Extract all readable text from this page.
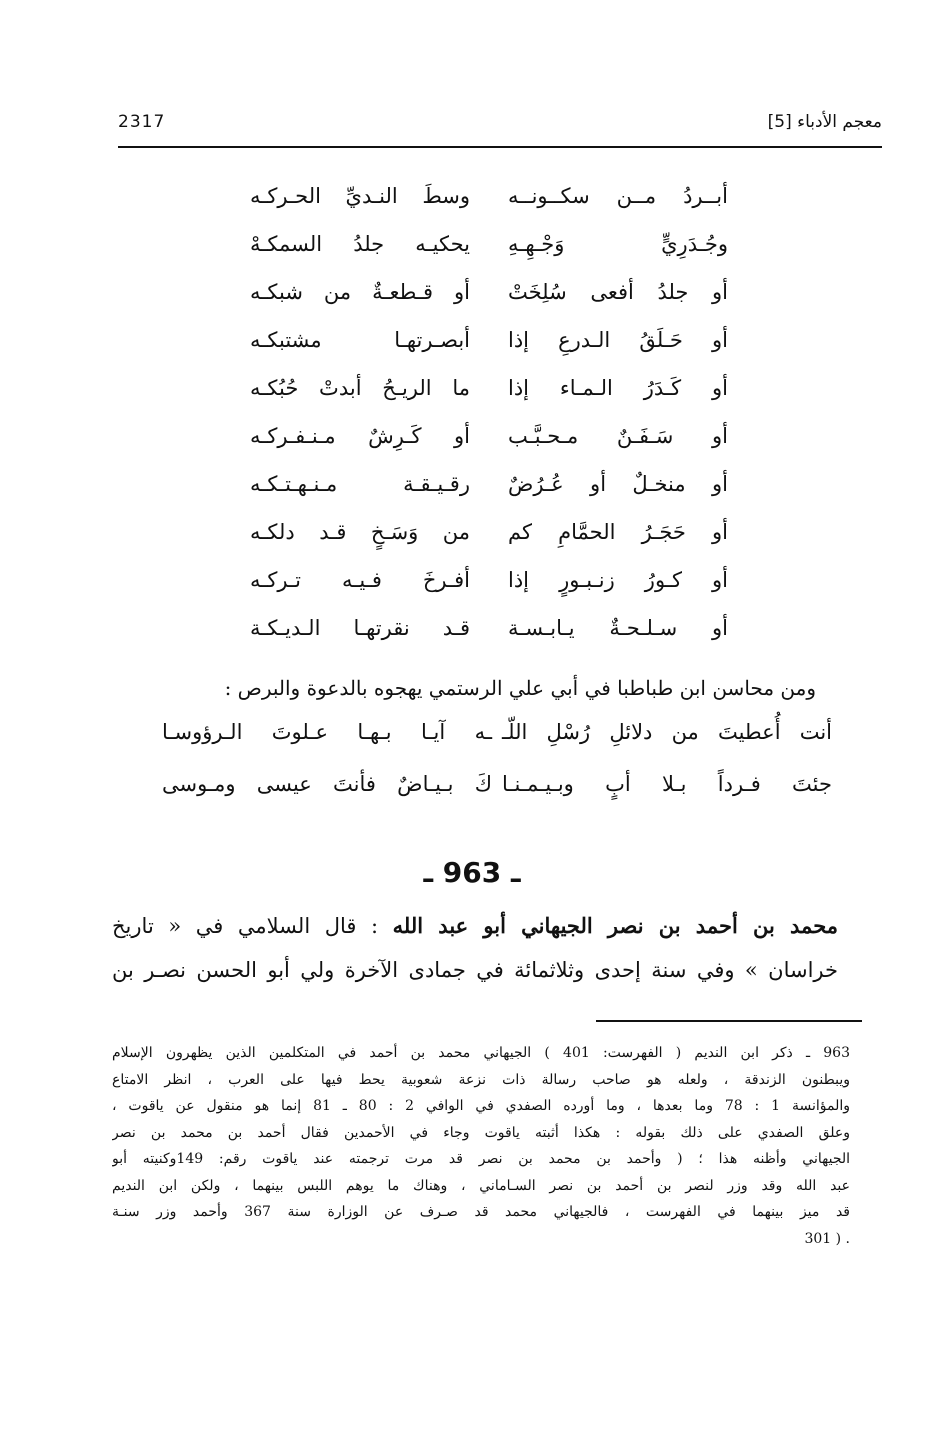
2317	معجم الأدباء [5]
أبــردُ مــن سكــونــه
وسطَ النـديِّ الحـركـه
وجُـدَرِيٍّ وَجْـهِـهِ
يحكيـه جلدُ السمكـهْ
أو جلدُ أفعى سُلِخَتْ
أو قـطعـةٌ من شبكـه
أو حَـلَقُ الـدرعِ إذا
أبصـرتهـا مشتبكـه
أو كَـدَرُ الـمـاء إذا
ما الريـحُ أبدتْ حُبُكـه
أو سَـفَـنٌ مـحـبَّـب
أو كَـرِشٌ مـنـفـركـه
أو منخـلٌ أو عُـرُضٌ
رقـيـقـة مـنـهـتـكـه
أو حَجَـرُ الحمَّامِ كم
من وَسَـخٍ قـد دلكـه
أو كـورُ زنـبـورٍ إذا
أفـرخَ فـيـه تـركـه
أو سـلـحـةٌ يـابـسـة
قـد نقرتهـا الـديـكـة
ومن محاسن ابن طباطبا في أبي علي الرستمي يهجوه بالدعوة والبرص :
أنت أُعطيتَ من دلائلِ رُسْلِ اللّــه آيـا بـهـا عـلوتَ الـرؤوسـا
جئتَ فـرداً بـلا أبٍ وبـيـمـنـاكَ بـيـاضٌ فأنتَ عيسى ومـوسى
ـ 963 ـ
محمد بن أحمد بن نصر الجيهاني أبو عبد الله : قال السلامي في « تاريخ
خراسان » وفي سنة إحدى وثلاثمائة في جمادى الآخرة ولي أبو الحسن نصـر بن
963 ـ ذكر ابن النديم ( الفهرست: 401 ) الجيهاني محمد بن أحمد في المتكلمين الذين يظهرون الإسلام
ويبطنون الزندقة ، ولعله هو صاحب رسالة ذات نزعة شعوبية يحط فيها على العرب ، انظر الامتاع
والمؤانسة 1 : 78 وما بعدها ، وما أورده الصفدي في الوافي 2 : 80 ـ 81 إنما هو منقول عن ياقوت ،
وعلق الصفدي على ذلك بقوله : هكذا أثبته ياقوت وجاء في الأحمدين فقال أحمد بن محمد بن نصر
الجيهاني وأظنه هذا ؛ ( وأحمد بن محمد بن نصر قد مرت ترجمته عند ياقوت رقم: 149وكنيته أبو
عبد الله وقد وزر لنصر بن أحمد بن نصر السـاماني ، وهناك ما يوهم اللبس بينهما ، ولكن ابن النديم
قد ميز بينهما في الفهرست ، فالجيهاني محمد قد صـرف عن الوزارة سنة 367 وأحمد وزر سنـة
. ( 301
